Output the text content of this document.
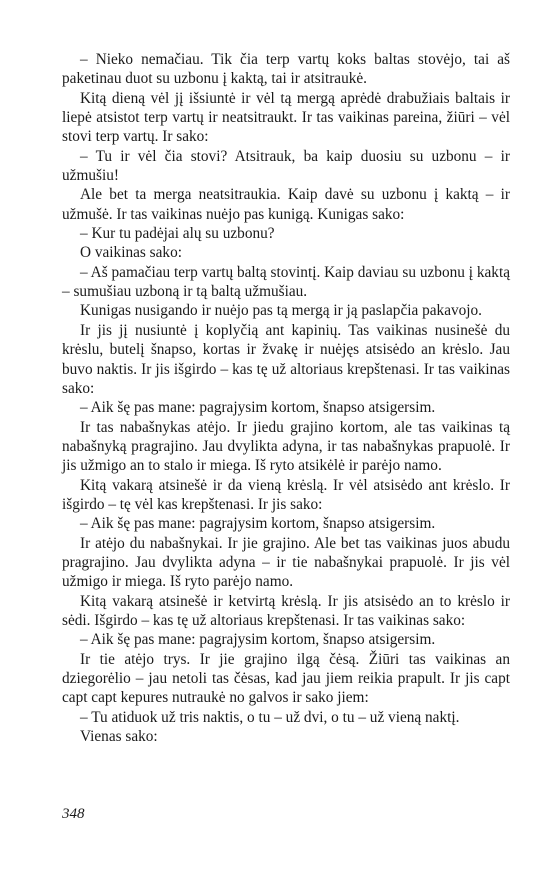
– Nieko nemačiau. Tik čia terp vartų koks baltas stovėjo, tai aš paketinau duot su uzbonu į kaktą, tai ir atsitraukė.

Kitą dieną vėl jį išsiuntė ir vėl tą mergą aprėdė drabužiais baltais ir liepė atsistot terp vartų ir neatsitraukt. Ir tas vaikinas pareina, žiūri – vėl stovi terp vartų. Ir sako:

– Tu ir vėl čia stovi? Atsitrauk, ba kaip duosiu su uzbonu – ir užmušiu!

Ale bet ta merga neatsitraukia. Kaip davė su uzbonu į kaktą – ir užmušė. Ir tas vaikinas nuėjo pas kunigą. Kunigas sako:

– Kur tu padėjai alų su uzbonu?

O vaikinas sako:

– Aš pamačiau terp vartų baltą stovintį. Kaip daviau su uzbonu į kaktą – sumušiau uzboną ir tą baltą užmušiau.

Kunigas nusigando ir nuėjo pas tą mergą ir ją paslapčia pakavojo.

Ir jis jį nusiuntė į koplyčią ant kapinių. Tas vaikinas nusinešė du krėslu, butelį šnapso, kortas ir žvakę ir nuėjęs atsisėdo an krėslo. Jau buvo naktis. Ir jis išgirdo – kas tę už altoriaus krepštenasi. Ir tas vaikinas sako:

– Aik šę pas mane: pagrajysim kortom, šnapso atsigersim.

Ir tas nabašnykas atėjo. Ir jiedu grajino kortom, ale tas vaikinas tą nabašnyką pragrajino. Jau dvylikta adyna, ir tas nabašnykas prapuolė. Ir jis užmigo an to stalo ir miega. Iš ryto atsikėlė ir parėjo namo.

Kitą vakarą atsinešė ir da vieną krėslą. Ir vėl atsisėdo ant krėslo. Ir išgirdo – tę vėl kas krepštenasi. Ir jis sako:

– Aik šę pas mane: pagrajysim kortom, šnapso atsigersim.

Ir atėjo du nabašnykai. Ir jie grajino. Ale bet tas vaikinas juos abudu pragrajino. Jau dvylikta adyna – ir tie nabašnykai prapuolė. Ir jis vėl užmigo ir miega. Iš ryto parėjo namo.

Kitą vakarą atsinešė ir ketvirtą krėslą. Ir jis atsisėdo an to krėslo ir sėdi. Išgirdo – kas tę už altoriaus krepštenasi. Ir tas vaikinas sako:

– Aik šę pas mane: pagrajysim kortom, šnapso atsigersim.

Ir tie atėjo trys. Ir jie grajino ilgą čėsą. Žiūri tas vaikinas an dziegorėlio – jau netoli tas čėsas, kad jau jiem reikia prapult. Ir jis capt capt capt kepures nutraukė no galvos ir sako jiem:

– Tu atiduok už tris naktis, o tu – už dvi, o tu – už vieną naktį.

Vienas sako:

348
